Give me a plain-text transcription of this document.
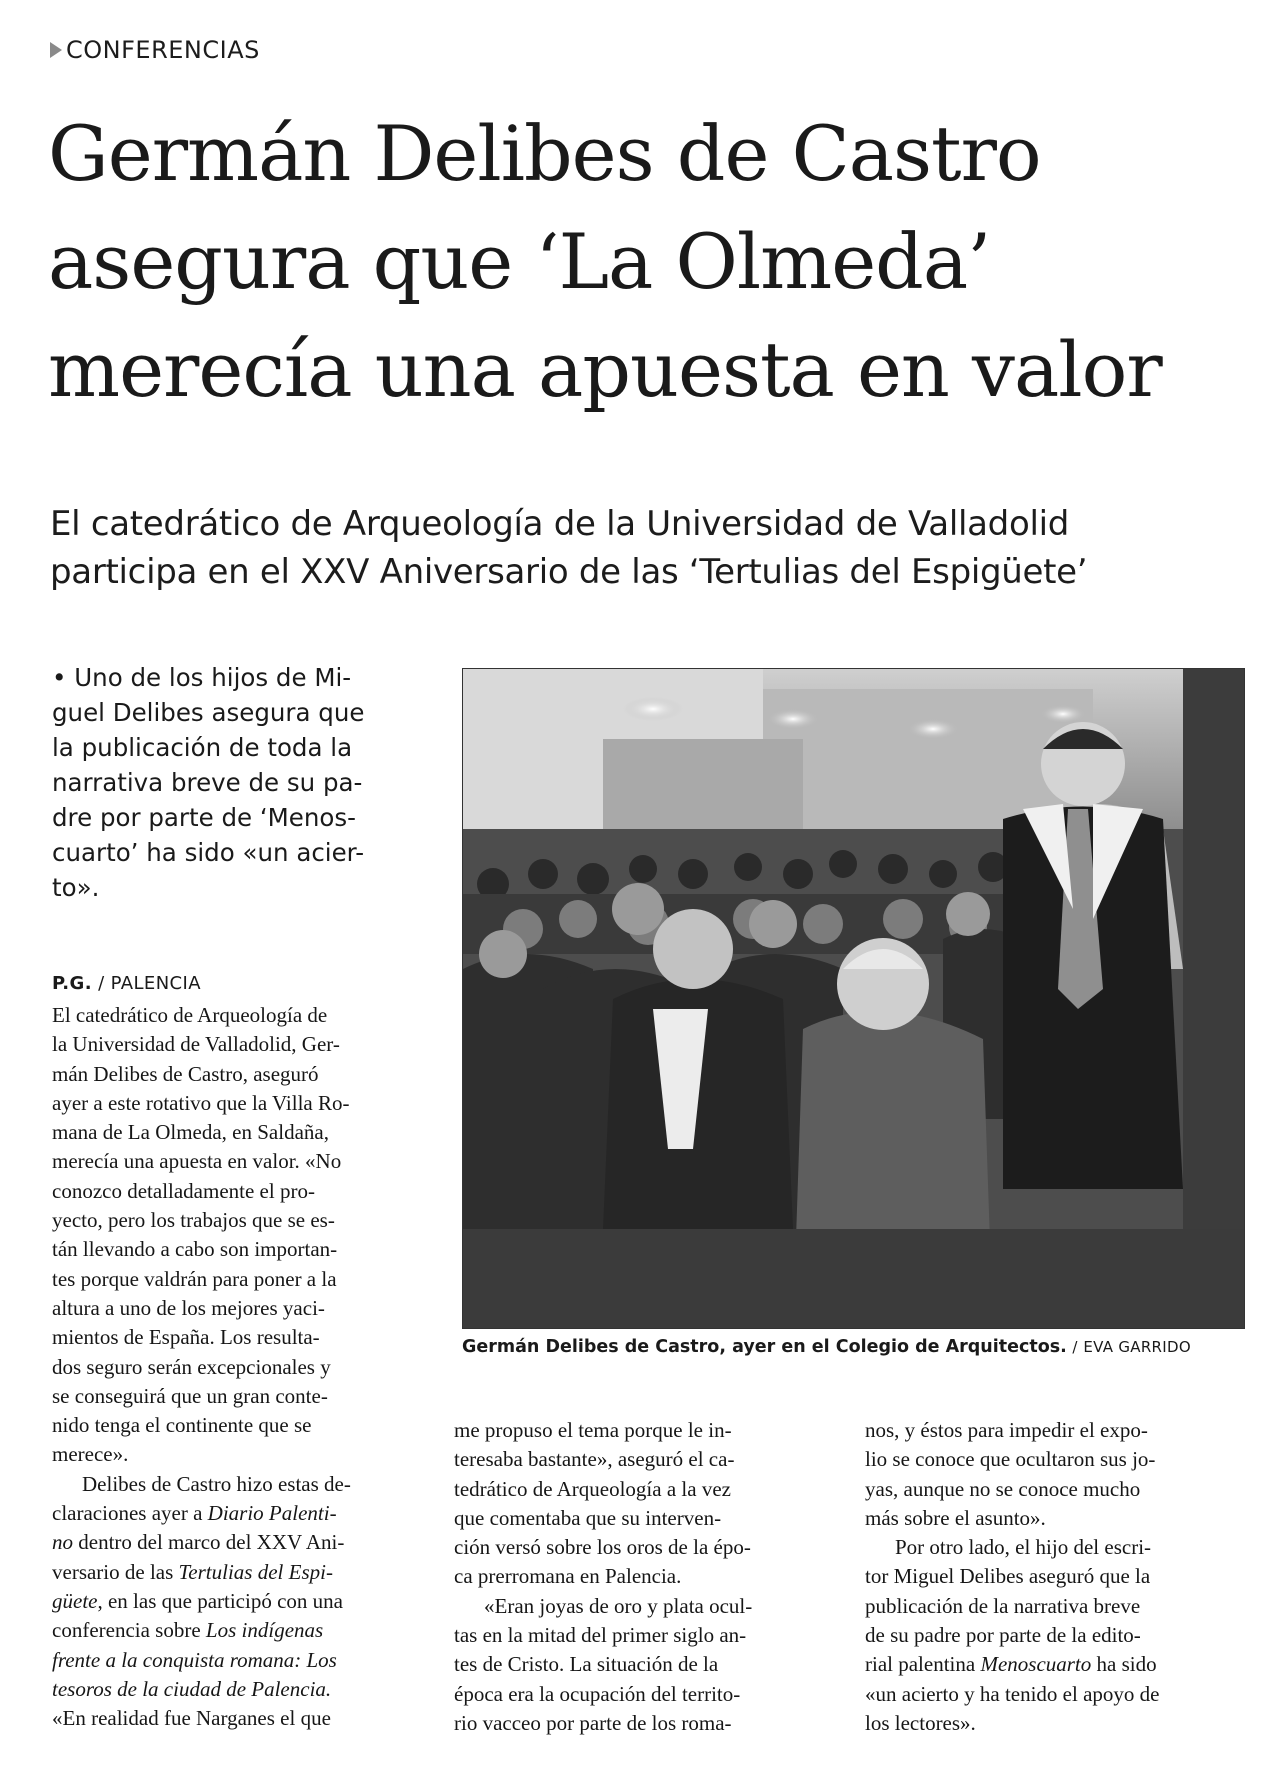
CONFERENCIAS
Germán Delibes de Castro
asegura que ‘La Olmeda’
merecía una apuesta en valor
El catedrático de Arqueología de la Universidad de Valladolid
participa en el XXV Aniversario de las ‘Tertulias del Espigüete’
• Uno de los hijos de Mi-
guel Delibes asegura que
la publicación de toda la
narrativa breve de su pa-
dre por parte de ‘Menos-
cuarto’ ha sido «un acier-
to».
P.G. / PALENCIA
El catedrático de Arqueología de
la Universidad de Valladolid, Ger-
mán Delibes de Castro, aseguró
ayer a este rotativo que la Villa Ro-
mana de La Olmeda, en Saldaña,
merecía una apuesta en valor. «No
conozco detalladamente el pro-
yecto, pero los trabajos que se es-
tán llevando a cabo son importan-
tes porque valdrán para poner a la
altura a uno de los mejores yaci-
mientos de España. Los resulta-
dos seguro serán excepcionales y
se conseguirá que un gran conte-
nido tenga el continente que se
merece».
Delibes de Castro hizo estas de-
claraciones ayer a Diario Palenti-
no dentro del marco del XXV Ani-
versario de las Tertulias del Espi-
güete, en las que participó con una
conferencia sobre Los indígenas
frente a la conquista romana: Los
tesoros de la ciudad de Palencia.
«En realidad fue Narganes el que
Germán Delibes de Castro, ayer en el Colegio de Arquitectos. / EVA GARRIDO
me propuso el tema porque le in-
teresaba bastante», aseguró el ca-
tedrático de Arqueología a la vez
que comentaba que su interven-
ción versó sobre los oros de la épo-
ca prerromana en Palencia.
«Eran joyas de oro y plata ocul-
tas en la mitad del primer siglo an-
tes de Cristo. La situación de la
época era la ocupación del territo-
rio vacceo por parte de los roma-
nos, y éstos para impedir el expo-
lio se conoce que ocultaron sus jo-
yas, aunque no se conoce mucho
más sobre el asunto».
Por otro lado, el hijo del escri-
tor Miguel Delibes aseguró que la
publicación de la narrativa breve
de su padre por parte de la edito-
rial palentina Menoscuarto ha sido
«un acierto y ha tenido el apoyo de
los lectores».
